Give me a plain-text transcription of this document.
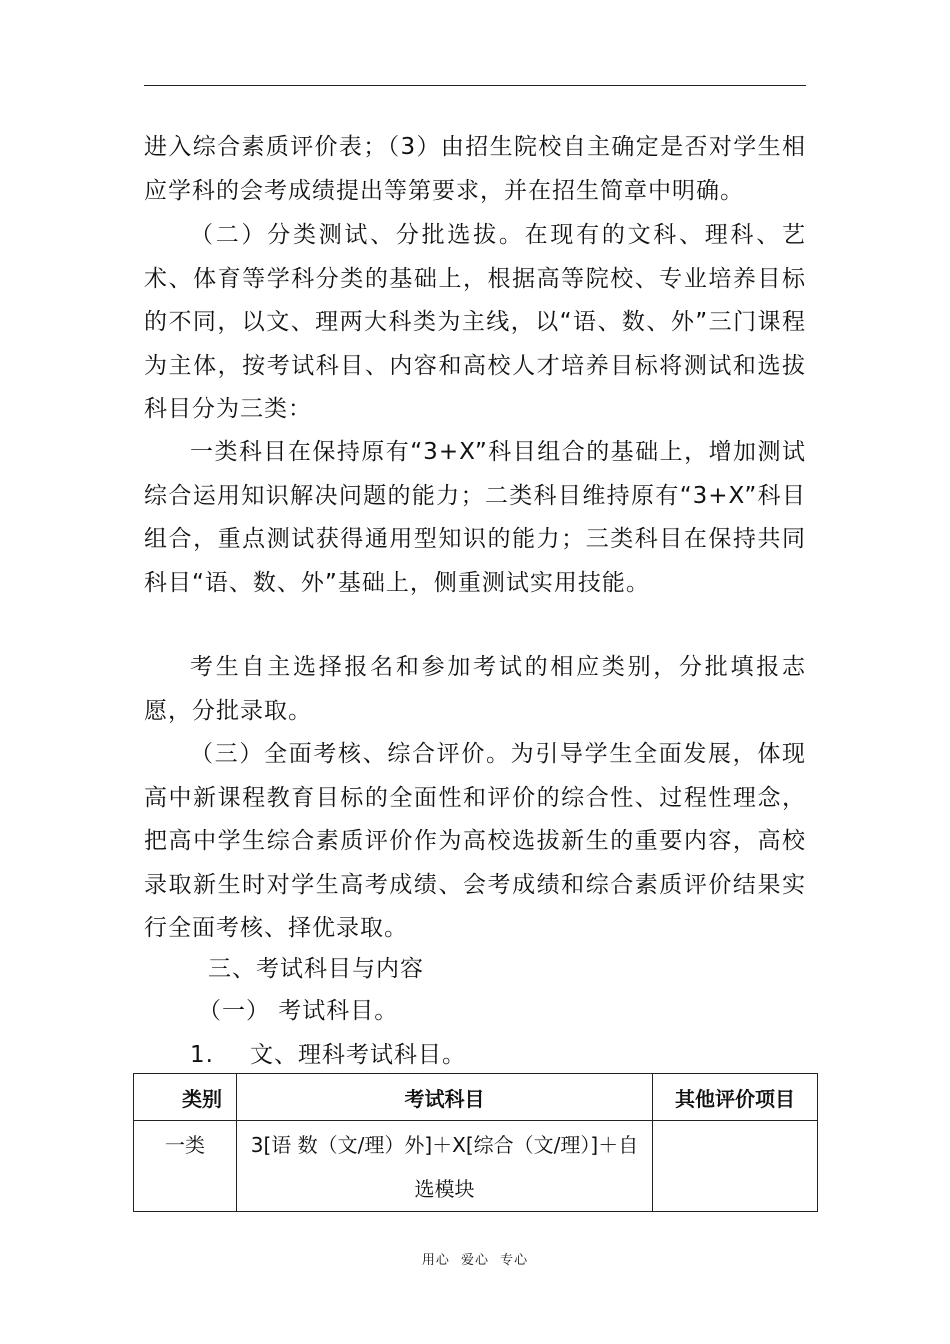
进入综合素质评价表；（3）由招生院校自主确定是否对学生相应学科的会考成绩提出等第要求，并在招生简章中明确。

（二）分类测试、分批选拔。在现有的文科、理科、艺术、体育等学科分类的基础上，根据高等院校、专业培养目标的不同，以文、理两大科类为主线，以“语、数、外”三门课程为主体，按考试科目、内容和高校人才培养目标将测试和选拔科目分为三类：

一类科目在保持原有“3+X”科目组合的基础上，增加测试综合运用知识解决问题的能力；二类科目维持原有“3+X”科目组合，重点测试获得通用型知识的能力；三类科目在保持共同科目“语、数、外”基础上，侧重测试实用技能。

考生自主选择报名和参加考试的相应类别，分批填报志愿，分批录取。

（三）全面考核、综合评价。为引导学生全面发展，体现高中新课程教育目标的全面性和评价的综合性、过程性理念，把高中学生综合素质评价作为高校选拔新生的重要内容，高校录取新生时对学生高考成绩、会考成绩和综合素质评价结果实行全面考核、择优录取。

三、考试科目与内容

（一） 考试科目。

1. 文、理科考试科目。

类别	考试科目	其他评价项目
一类	3[语 数（文/理）外]＋X[综合（文/理）]＋自选模块	
用心 爱心 专心
